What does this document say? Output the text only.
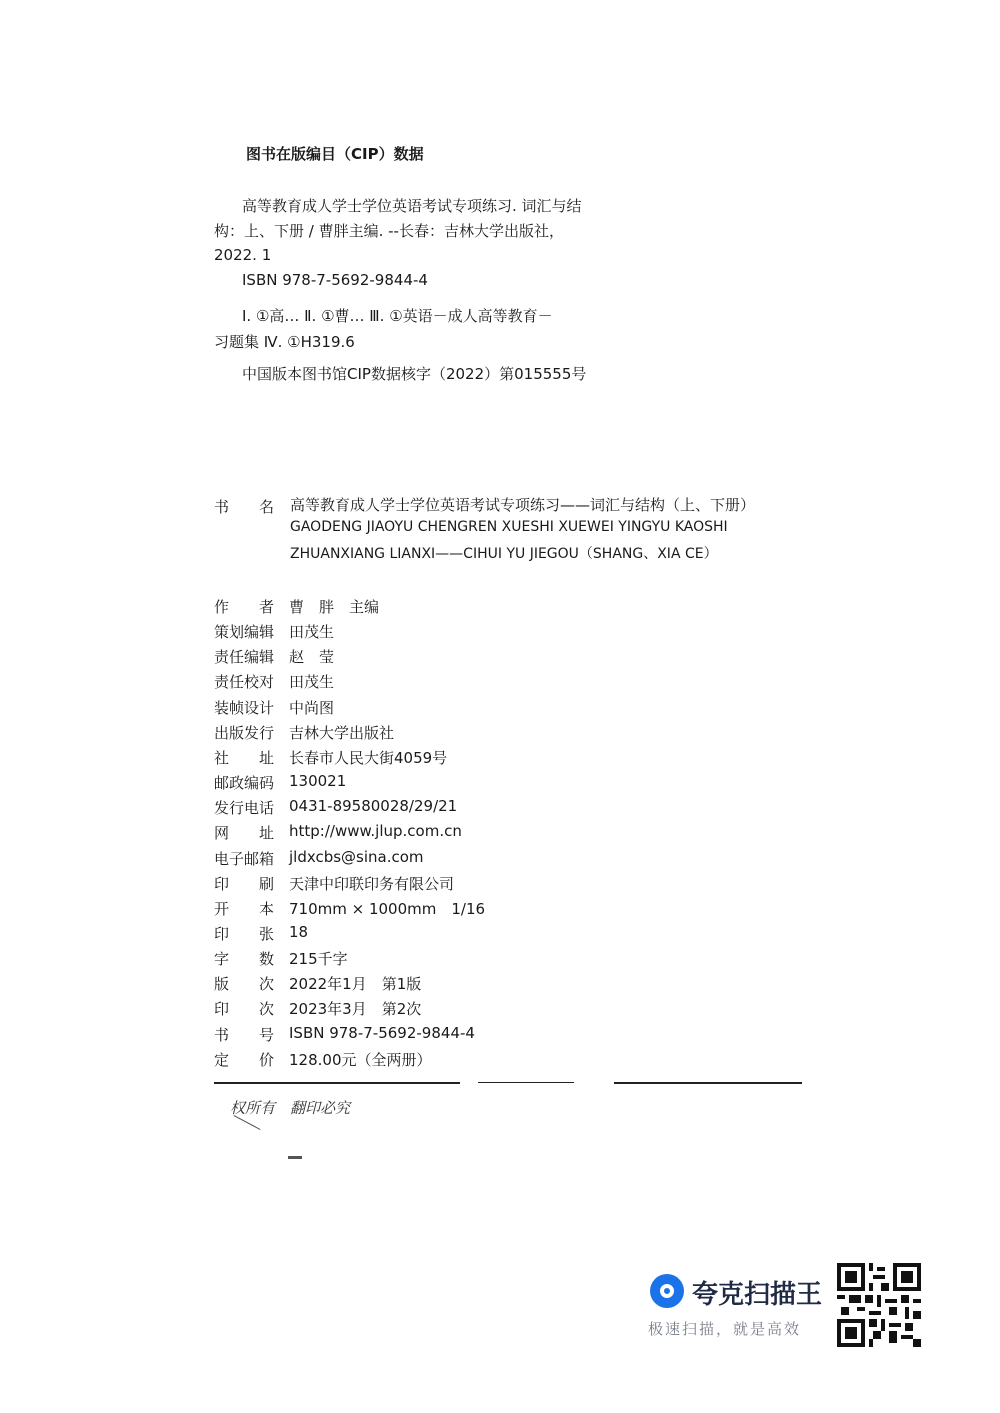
图书在版编目（CIP）数据
高等教育成人学士学位英语考试专项练习. 词汇与结
构：上、下册 / 曹胖主编. --长春：吉林大学出版社，
2022. 1
ISBN 978-7-5692-9844-4
Ⅰ. ①高… Ⅱ. ①曹… Ⅲ. ①英语－成人高等教育－
习题集 Ⅳ. ①H319.6
中国版本图书馆CIP数据核字（2022）第015555号
书　　名 高等教育成人学士学位英语考试专项练习——词汇与结构（上、下册）
GAODENG JIAOYU CHENGREN XUESHI XUEWEI YINGYU KAOSHI
ZHUANXIANG LIANXI——CIHUI YU JIEGOU（SHANG、XIA CE）
作　　者 曹　胖　主编
策划编辑 田茂生
责任编辑 赵　莹
责任校对 田茂生
装帧设计 中尚图
出版发行 吉林大学出版社
社　　址 长春市人民大街4059号
邮政编码 130021
发行电话 0431-89580028/29/21
网　　址 http://www.jlup.com.cn
电子邮箱 jldxcbs@sina.com
印　　刷 天津中印联印务有限公司
开　　本 710mm × 1000mm　1/16
印　　张 18
字　　数 215千字
版　　次 2022年1月　第1版
印　　次 2023年3月　第2次
书　　号 ISBN 978-7-5692-9844-4
定　　价 128.00元（全两册）
权所有　翻印必究
夸克扫描王
极速扫描，就是高效
